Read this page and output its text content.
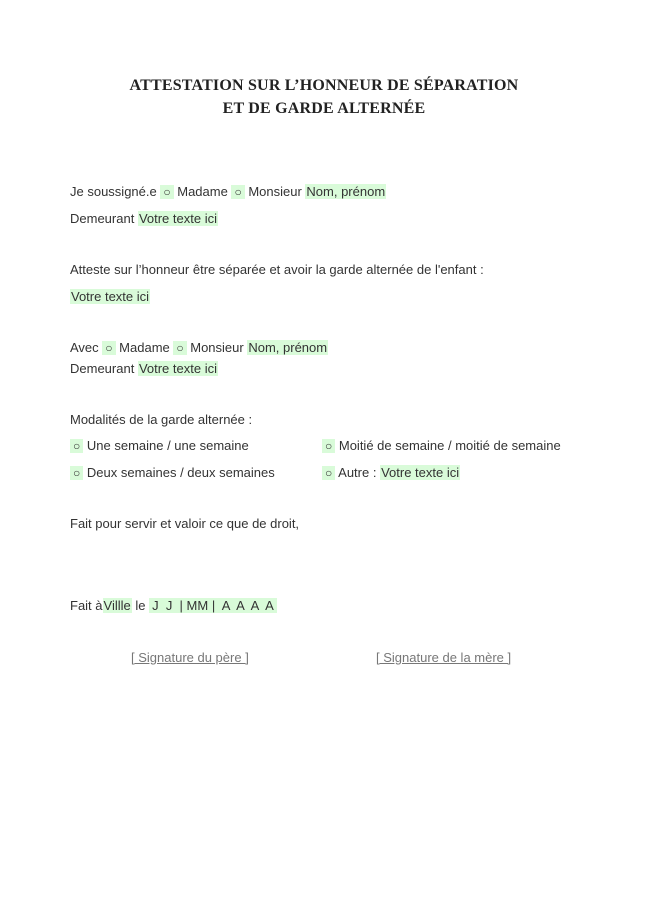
ATTESTATION SUR L’HONNEUR DE SÉPARATION
ET DE GARDE ALTERNÉE
Je soussigné.e ○ Madame ○ Monsieur Nom, prénom
Demeurant Votre texte ici
Atteste sur l’honneur être séparée et avoir la garde alternée de l'enfant :
Votre texte ici
Avec ○ Madame ○ Monsieur Nom, prénom
Demeurant Votre texte ici
Modalités de la garde alternée :
○ Une semaine / une semaine	○ Moitié de semaine / moitié de semaine
○ Deux semaines / deux semaines	○ Autre : Votre texte ici
Fait pour servir et valoir ce que de droit,
Fait àVillle le J  J  | MM |  A  A  A  A
[ Signature du père ]	[ Signature de la mère ]
